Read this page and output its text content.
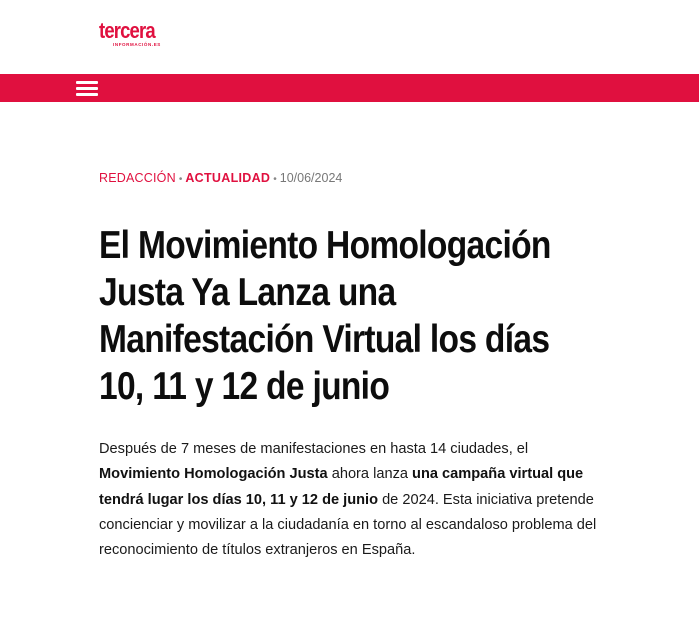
tercera
INFORMACIÓN.ES
REDACCIÓN • ACTUALIDAD • 10/06/2024
El Movimiento Homologación
Justa Ya Lanza una
Manifestación Virtual los días
10, 11 y 12 de junio

Después de 7 meses de manifestaciones en hasta 14 ciudades, el Movimiento Homologación Justa ahora lanza una campaña virtual que tendrá lugar los días 10, 11 y 12 de junio de 2024. Esta iniciativa pretende concienciar y movilizar a la ciudadanía en torno al escandaloso problema del reconocimiento de títulos extranjeros en España.
